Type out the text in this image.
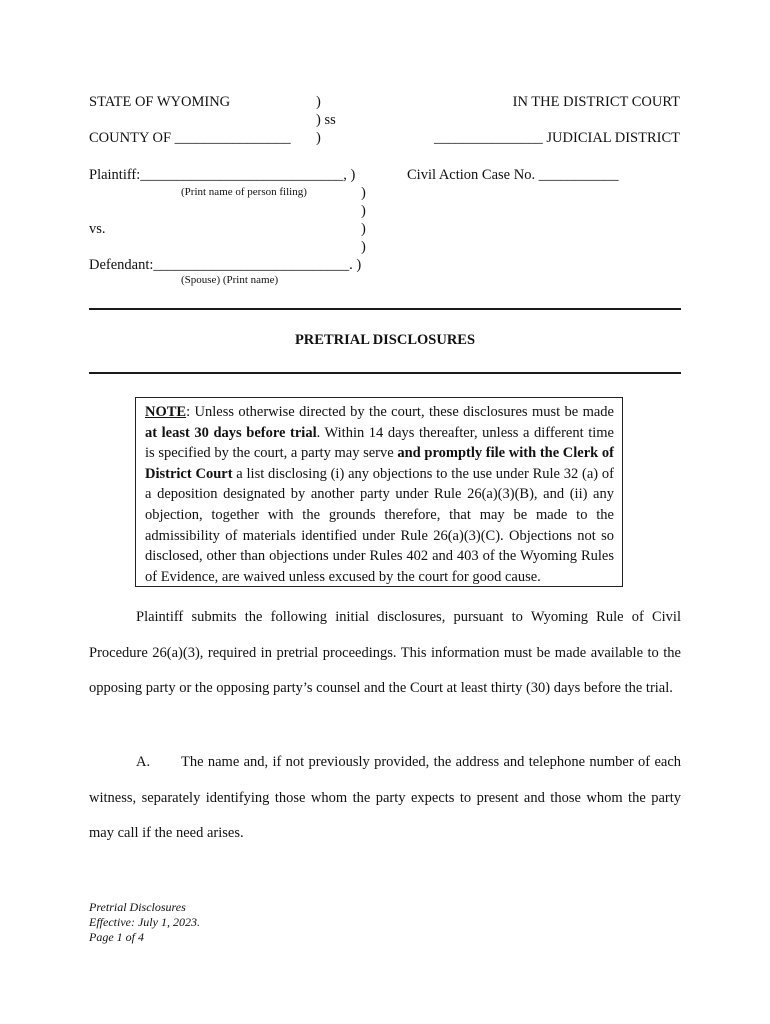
STATE OF WYOMING	)
) ss
COUNTY OF ________________ )
IN THE DISTRICT COURT
_______________ JUDICIAL DISTRICT
Plaintiff:____________________________, )
(Print name of person filing)	)
)
)
)
Civil Action Case No. ___________
vs.
Defendant:___________________________. )
(Spouse) (Print name)
PRETRIAL DISCLOSURES
NOTE: Unless otherwise directed by the court, these disclosures must be made at least 30 days before trial. Within 14 days thereafter, unless a different time is specified by the court, a party may serve and promptly file with the Clerk of District Court a list disclosing (i) any objections to the use under Rule 32 (a) of a deposition designated by another party under Rule 26(a)(3)(B), and (ii) any objection, together with the grounds therefore, that may be made to the admissibility of materials identified under Rule 26(a)(3)(C). Objections not so disclosed, other than objections under Rules 402 and 403 of the Wyoming Rules of Evidence, are waived unless excused by the court for good cause.
Plaintiff submits the following initial disclosures, pursuant to Wyoming Rule of Civil Procedure 26(a)(3), required in pretrial proceedings. This information must be made available to the opposing party or the opposing party’s counsel and the Court at least thirty (30) days before the trial.
A. The name and, if not previously provided, the address and telephone number of each witness, separately identifying those whom the party expects to present and those whom the party may call if the need arises.
Pretrial Disclosures
Effective: July 1, 2023.
Page 1 of 4
